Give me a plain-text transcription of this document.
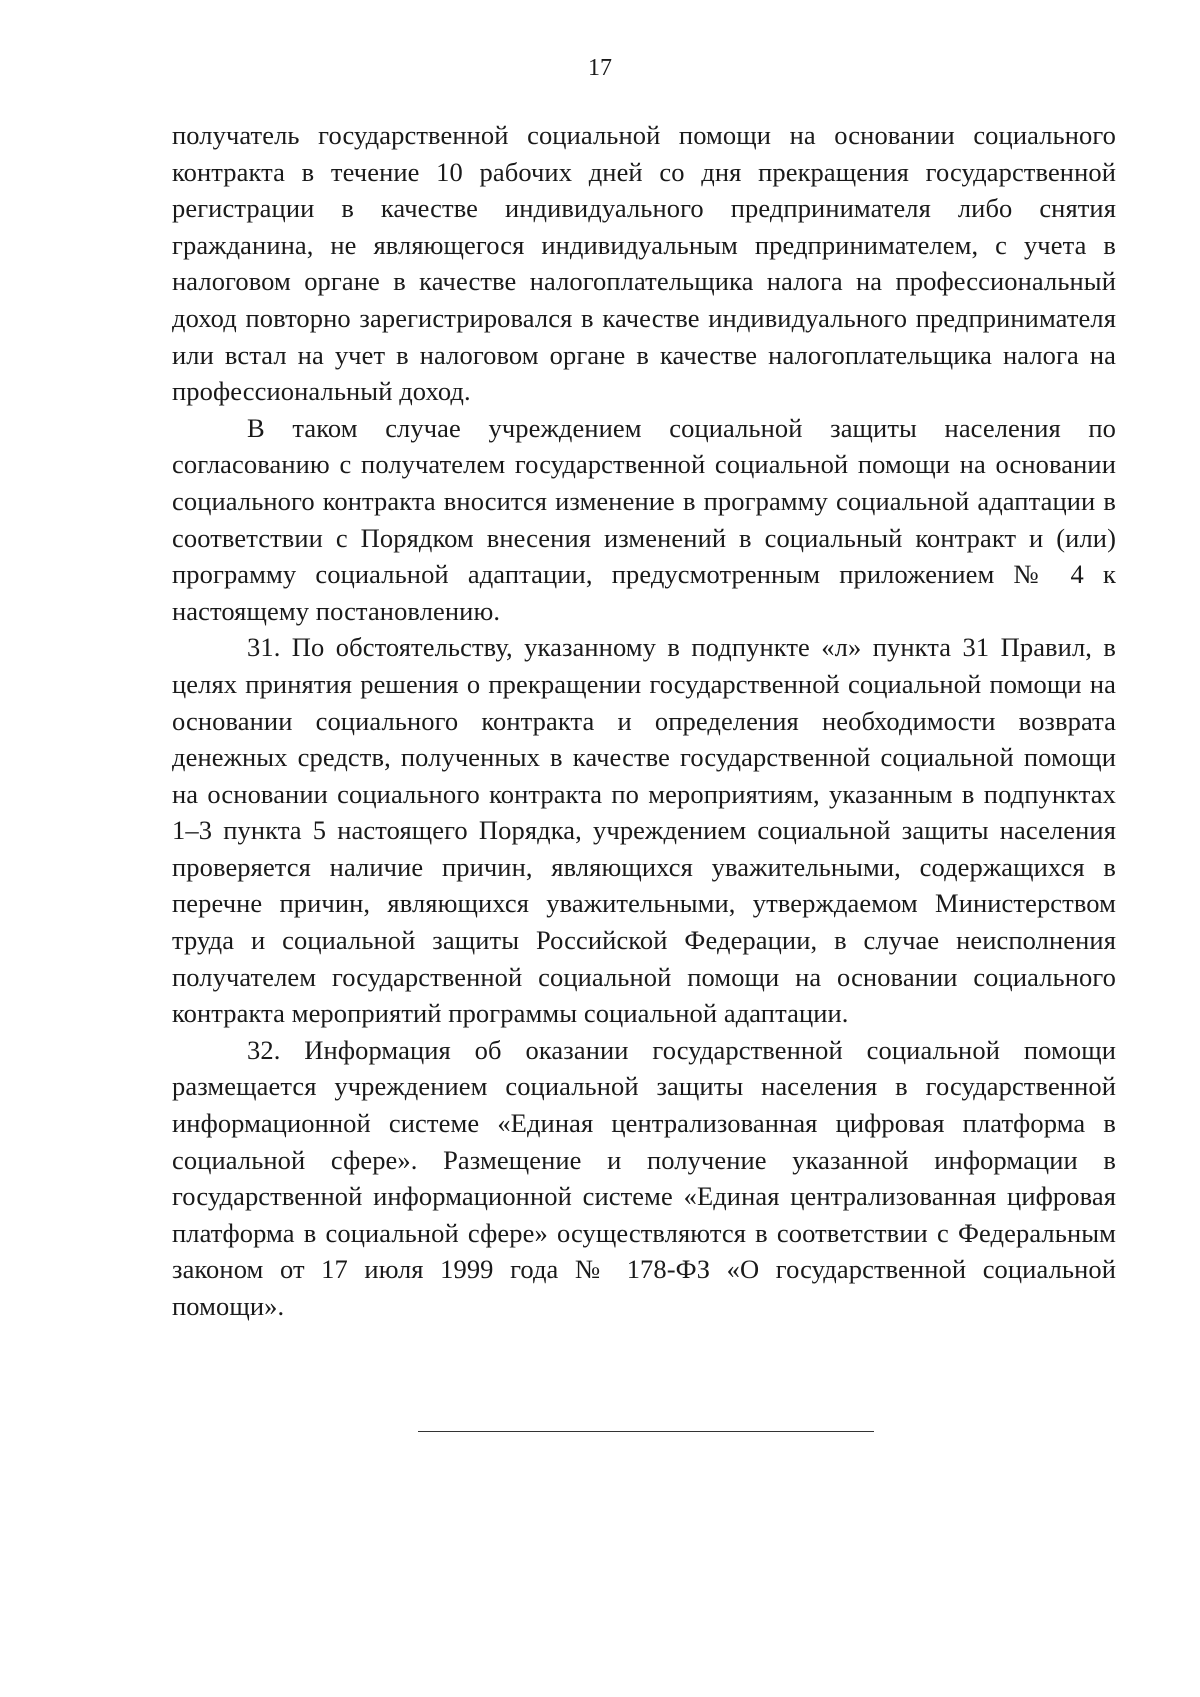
17

получатель государственной социальной помощи на основании социального контракта в течение 10 рабочих дней со дня прекращения государственной регистрации в качестве индивидуального предпринимателя либо снятия гражданина, не являющегося индивидуальным предпринимателем, с учета в налоговом органе в качестве налогоплательщика налога на профессиональный доход повторно зарегистрировался в качестве индивидуального предпринимателя или встал на учет в налоговом органе в качестве налогоплательщика налога на профессиональный доход.

В таком случае учреждением социальной защиты населения по согласованию с получателем государственной социальной помощи на основании социального контракта вносится изменение в программу социальной адаптации в соответствии с Порядком внесения изменений в социальный контракт и (или) программу социальной адаптации, предусмотренным приложением № 4 к настоящему постановлению.

31. По обстоятельству, указанному в подпункте «л» пункта 31 Правил, в целях принятия решения о прекращении государственной социальной помощи на основании социального контракта и определения необходимости возврата денежных средств, полученных в качестве государственной социальной помощи на основании социального контракта по мероприятиям, указанным в подпунктах 1–3 пункта 5 настоящего Порядка, учреждением социальной защиты населения проверяется наличие причин, являющихся уважительными, содержащихся в перечне причин, являющихся уважительными, утверждаемом Министерством труда и социальной защиты Российской Федерации, в случае неисполнения получателем государственной социальной помощи на основании социального контракта мероприятий программы социальной адаптации.

32. Информация об оказании государственной социальной помощи размещается учреждением социальной защиты населения в государственной информационной системе «Единая централизованная цифровая платформа в социальной сфере». Размещение и получение указанной информации в государственной информационной системе «Единая централизованная цифровая платформа в социальной сфере» осуществляются в соответствии с Федеральным законом от 17 июля 1999 года № 178-ФЗ «О государственной социальной помощи».
